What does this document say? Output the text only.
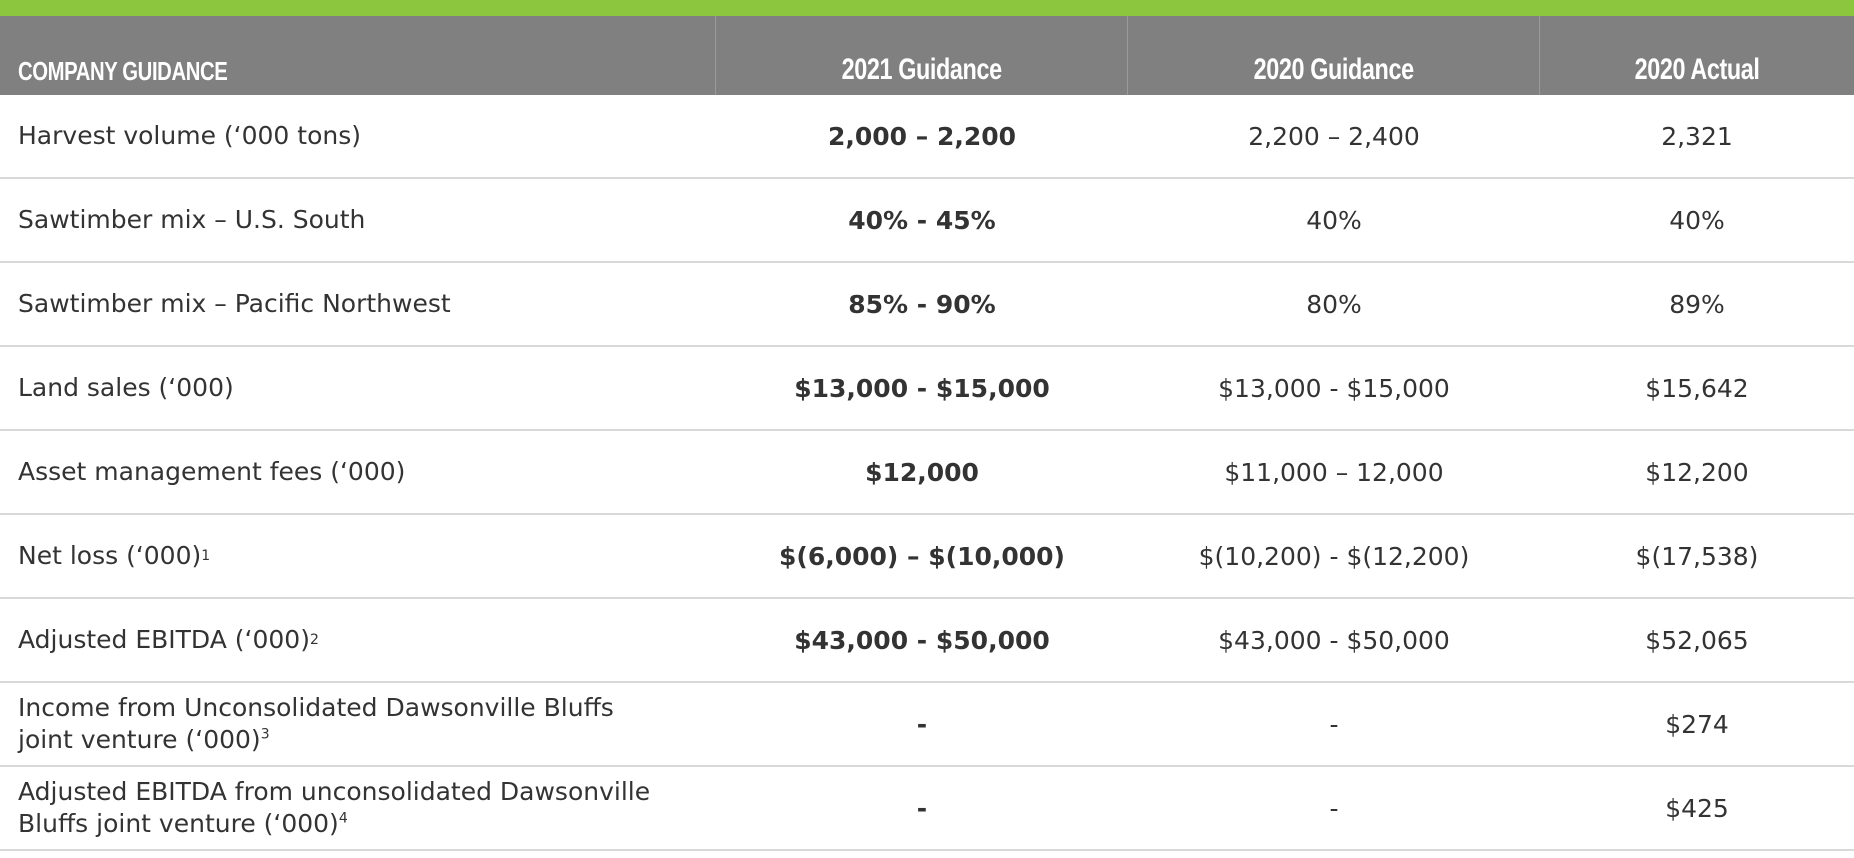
COMPANY GUIDANCE	2021 Guidance	2020 Guidance	2020 Actual
Harvest volume (‘000 tons)	2,000 – 2,200	2,200 – 2,400	2,321
Sawtimber mix – U.S. South	40% - 45%	40%	40%
Sawtimber mix – Pacific Northwest	85% - 90%	80%	89%
Land sales (‘000)	$13,000 - $15,000	$13,000 - $15,000	$15,642
Asset management fees (‘000)	$12,000	$11,000 – 12,000	$12,200
Net loss (‘000) 1	$(6,000) – $(10,000)	$(10,200) - $(12,200)	$(17,538)
Adjusted EBITDA (‘000) 2	$43,000 - $50,000	$43,000 - $50,000	$52,065
Income from Unconsolidated Dawsonville Bluffs
joint venture (‘000)$^3$	-	-	$274
Adjusted EBITDA from unconsolidated Dawsonville
Bluffs joint venture (‘000)$^4$	-	-	$425
